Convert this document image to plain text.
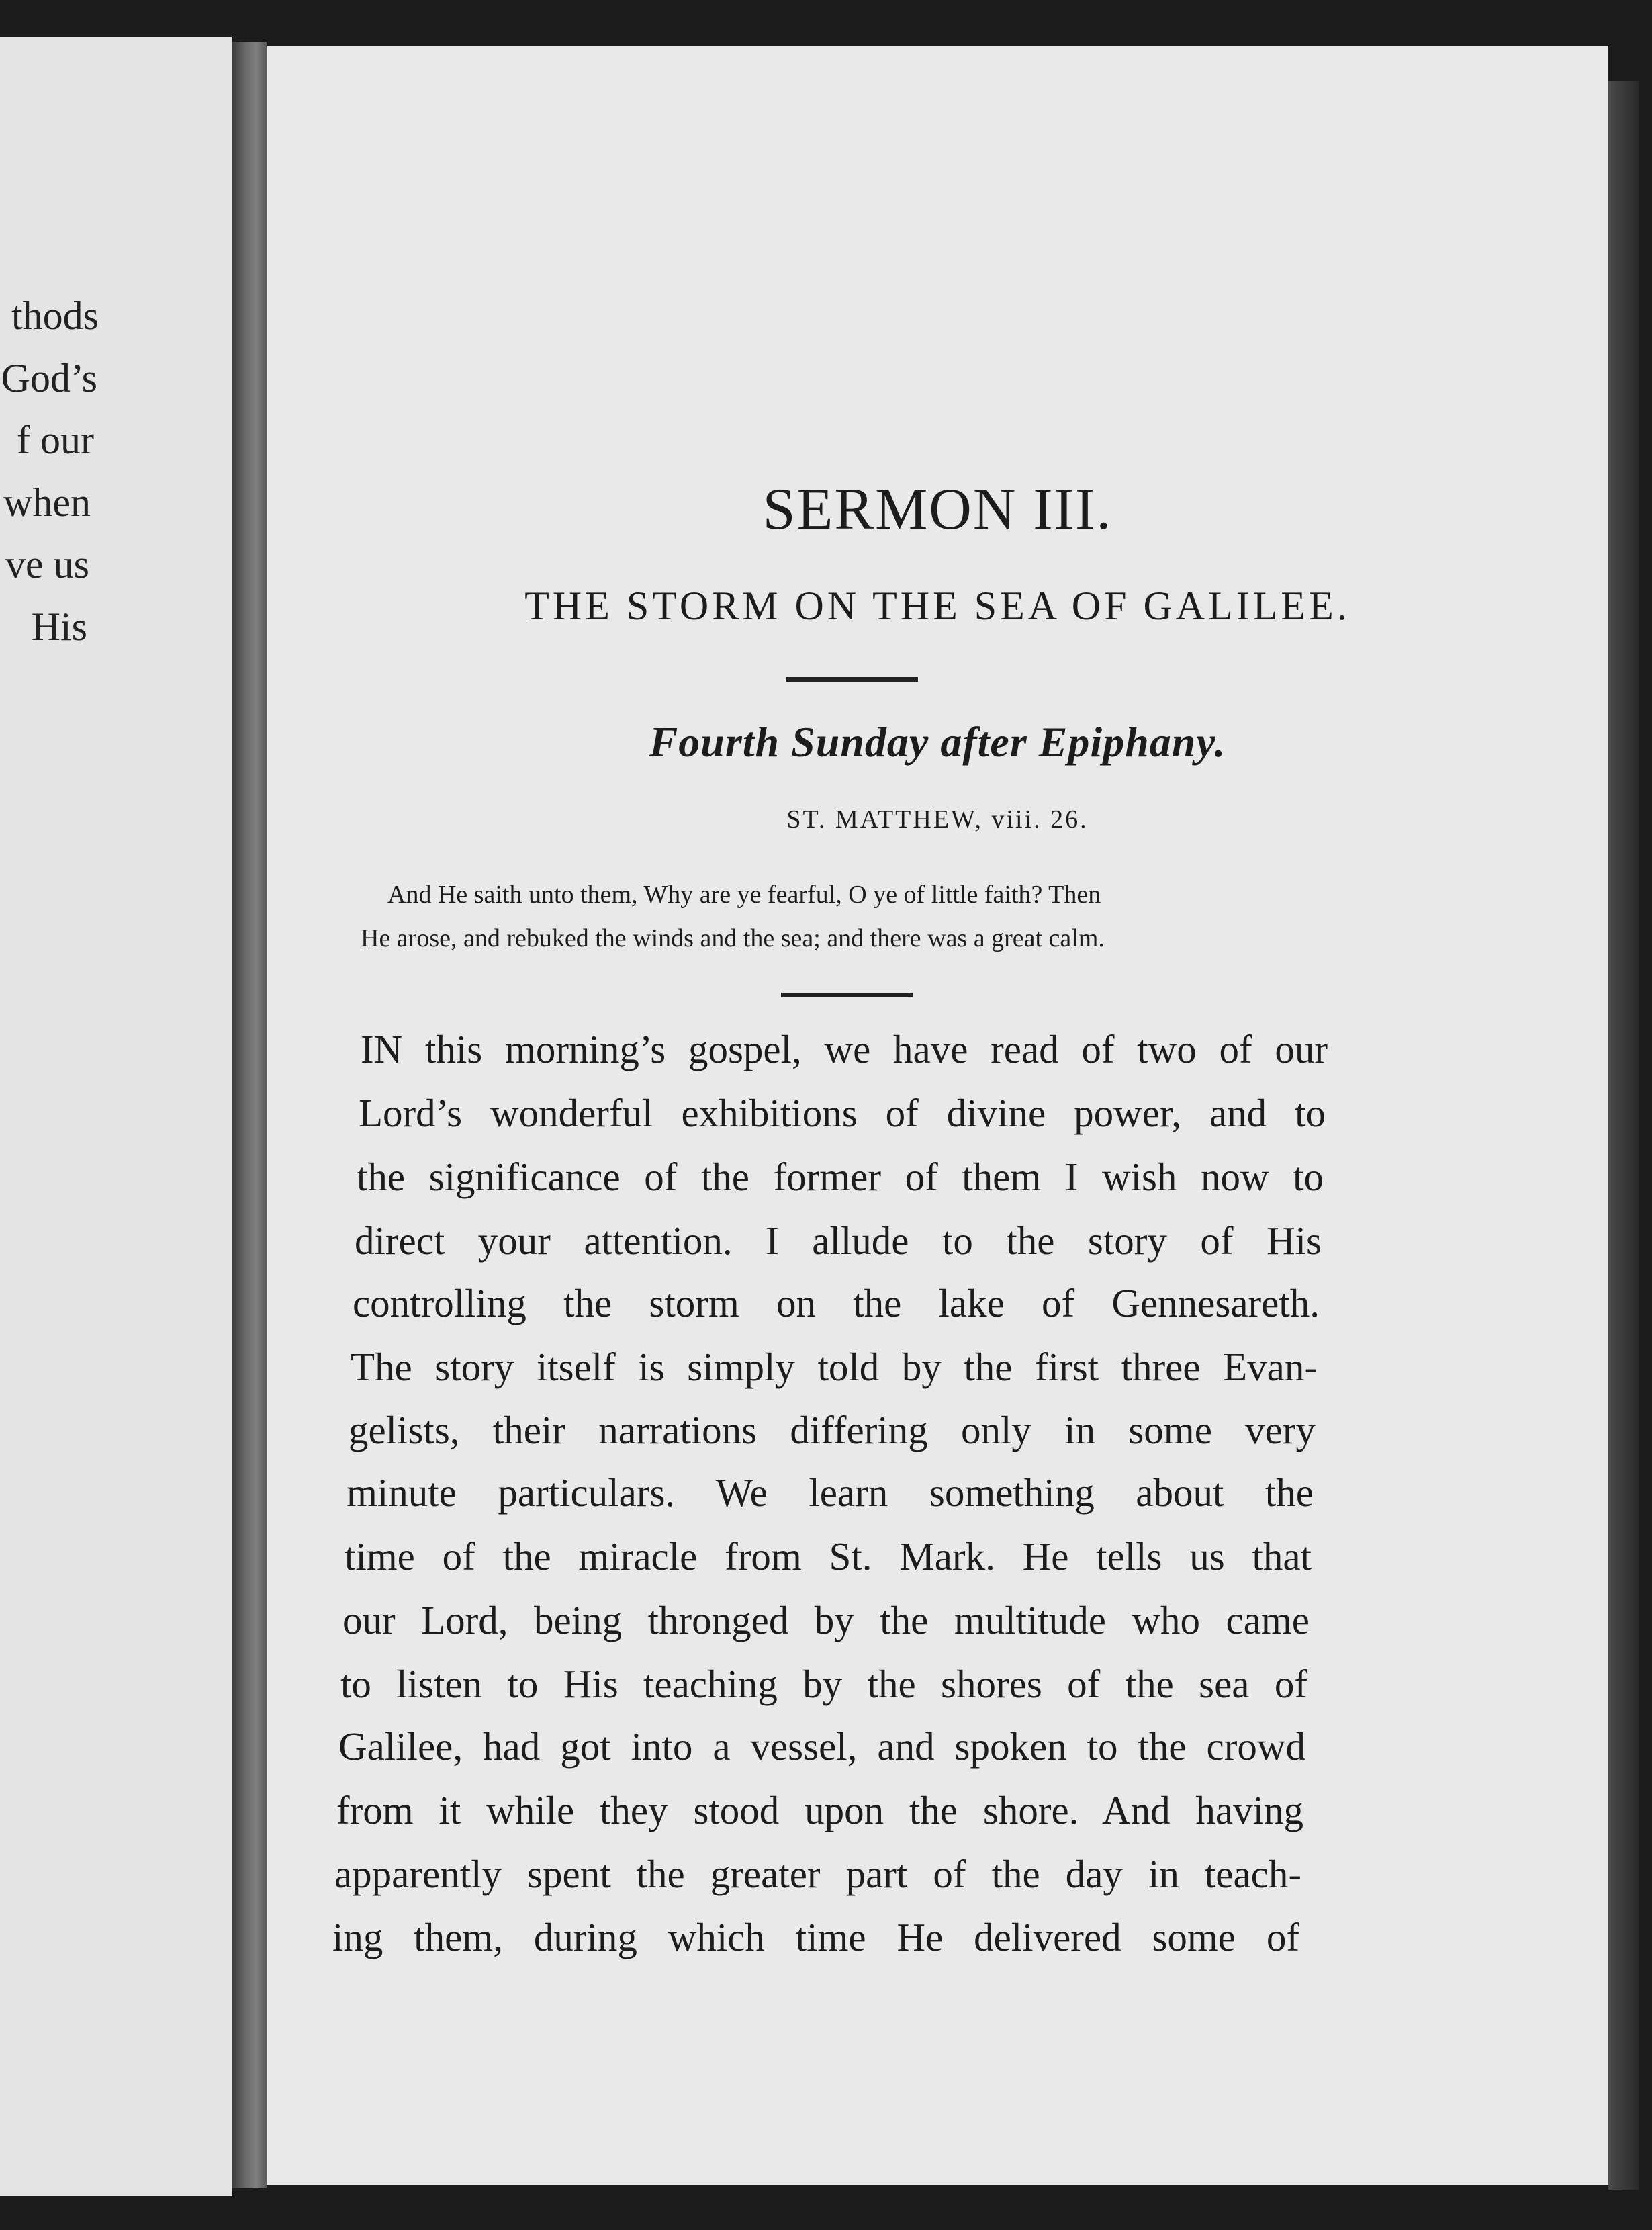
thods
God’s
f our
when
ve us
His
SERMON III.
THE STORM ON THE SEA OF GALILEE.
Fourth Sunday after Epiphany.
ST. MATTHEW, viii. 26.
And He saith unto them, Why are ye fearful, O ye of little faith? Then
He arose, and rebuked the winds and the sea; and there was a great calm.
IN this morning’s gospel, we have read of two of our
Lord’s wonderful exhibitions of divine power, and to
the significance of the former of them I wish now to
direct your attention. I allude to the story of His
controlling the storm on the lake of Gennesareth.
The story itself is simply told by the first three Evan-
gelists, their narrations differing only in some very
minute particulars. We learn something about the
time of the miracle from St. Mark. He tells us that
our Lord, being thronged by the multitude who came
to listen to His teaching by the shores of the sea of
Galilee, had got into a vessel, and spoken to the crowd
from it while they stood upon the shore. And having
apparently spent the greater part of the day in teach-
ing them, during which time He delivered some of
